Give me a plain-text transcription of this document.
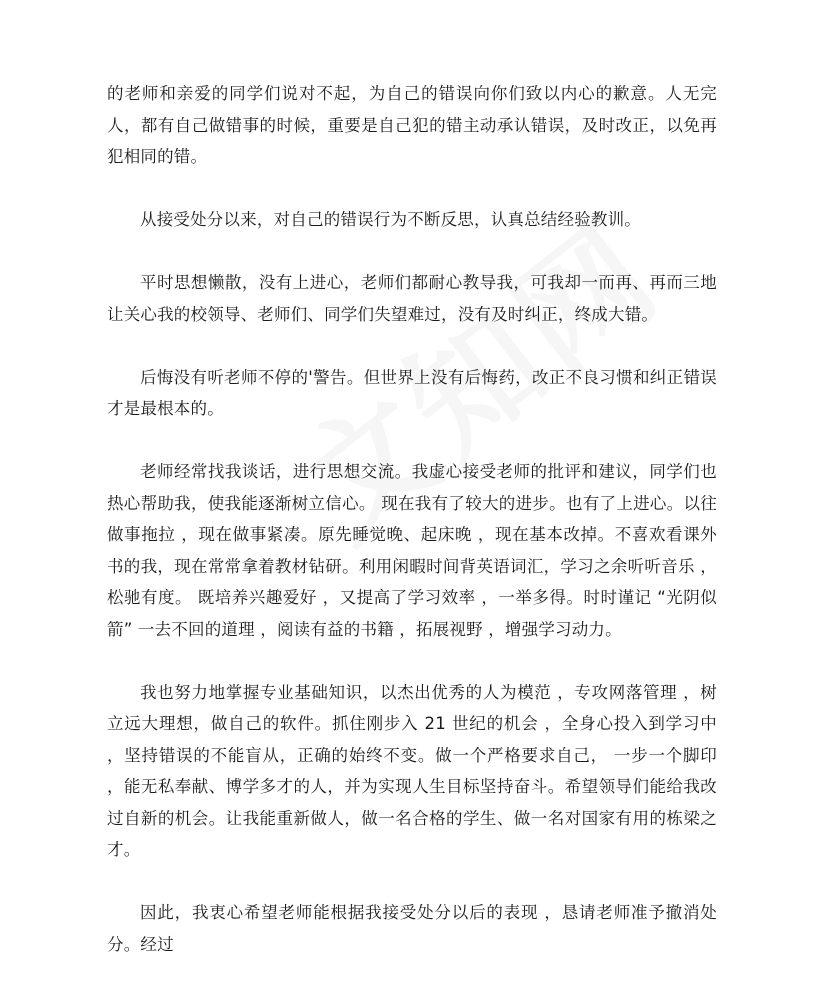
的老师和亲爱的同学们说对不起，为自己的错误向你们致以内心的歉意。人无完人，都有自己做错事的时候，重要是自己犯的错主动承认错误，及时改正，以免再犯相同的错。

从接受处分以来，对自己的错误行为不断反思，认真总结经验教训。

平时思想懒散，没有上进心，老师们都耐心教导我，可我却一而再、再而三地让关心我的校领导、老师们、同学们失望难过，没有及时纠正，终成大错。

后悔没有听老师不停的'警告。但世界上没有后悔药，改正不良习惯和纠正错误才是最根本的。

老师经常找我谈话，进行思想交流。我虚心接受老师的批评和建议，同学们也热心帮助我，使我能逐渐树立信心。 现在我有了较大的进步。也有了上进心。以往做事拖拉 ，现在做事紧凑。原先睡觉晚、起床晚 ，现在基本改掉。不喜欢看课外书的我，现在常常拿着教材钻研。利用闲暇时间背英语词汇，学习之余听听音乐 ，松驰有度。 既培养兴趣爱好 ，又提高了学习效率 ，一举多得。时时谨记 “光阴似箭” 一去不回的道理 ，阅读有益的书籍 ，拓展视野 ，增强学习动力。

我也努力地掌握专业基础知识，以杰出优秀的人为模范 ，专攻网落管理 ，树立远大理想，做自己的软件。抓住刚步入 21 世纪的机会 ，全身心投入到学习中 ，坚持错误的不能盲从，正确的始终不变。做一个严格要求自己， 一步一个脚印 ，能无私奉献、博学多才的人，并为实现人生目标坚持奋斗。希望领导们能给我改过自新的机会。让我能重新做人，做一名合格的学生、做一名对国家有用的栋梁之才。

因此，我衷心希望老师能根据我接受处分以后的表现 ，恳请老师准予撤消处分。经过
